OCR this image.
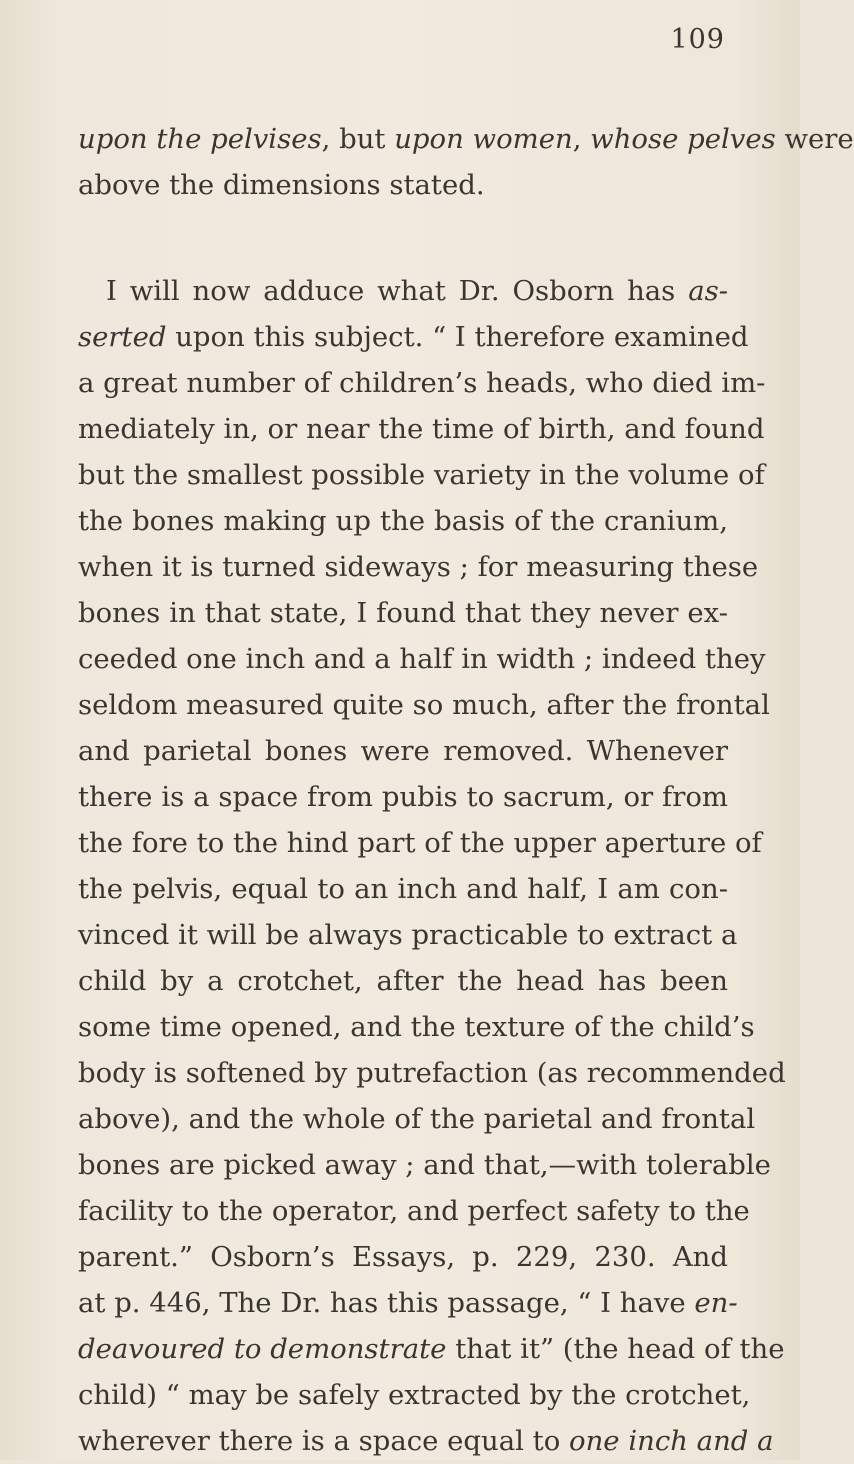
109
upon the pelvises, but upon women, whose pelves were
above the dimensions stated.
I will now adduce what Dr. Osborn has as-
serted upon this subject. “ I therefore examined
a great number of children’s heads, who died im-
mediately in, or near the time of birth, and found
but the smallest possible variety in the volume of
the bones making up the basis of the cranium,
when it is turned sideways ; for measuring these
bones in that state, I found that they never ex-
ceeded one inch and a half in width ; indeed they
seldom measured quite so much, after the frontal
and parietal bones were removed. Whenever
there is a space from pubis to sacrum, or from
the fore to the hind part of the upper aperture of
the pelvis, equal to an inch and half, I am con-
vinced it will be always practicable to extract a
child by a crotchet, after the head has been
some time opened, and the texture of the child’s
body is softened by putrefaction (as recommended
above), and the whole of the parietal and frontal
bones are picked away ; and that,—with tolerable
facility to the operator, and perfect safety to the
parent.” Osborn’s Essays, p. 229, 230. And
at p. 446, The Dr. has this passage, “ I have en-
deavoured to demonstrate that it” (the head of the
child) “ may be safely extracted by the crotchet,
wherever there is a space equal to one inch and a
